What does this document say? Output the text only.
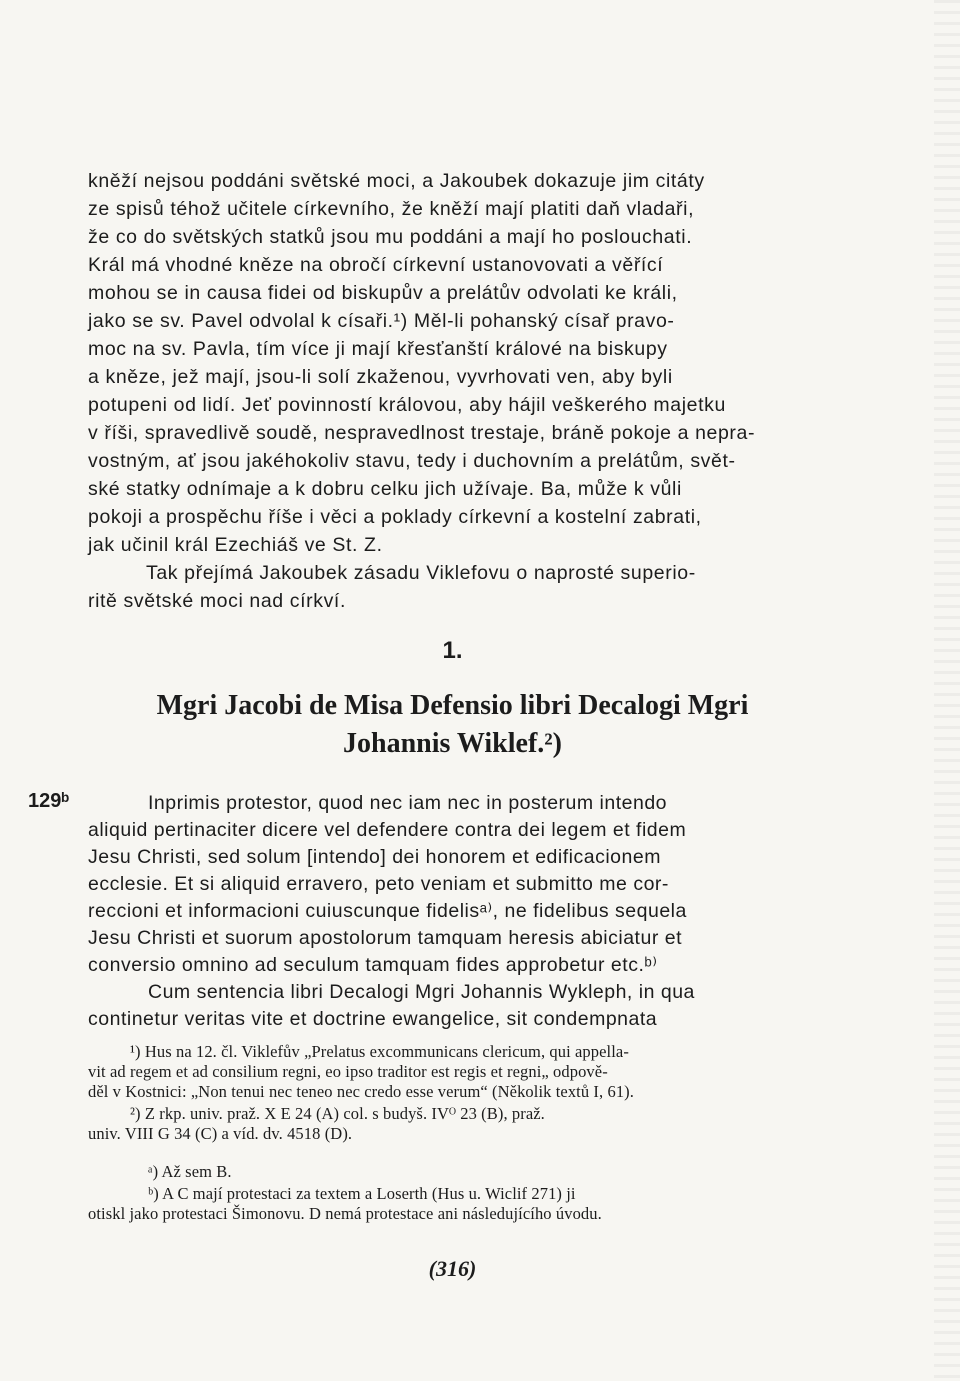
kněží nejsou poddáni světské moci, a Jakoubek dokazuje jim citáty
ze spisů téhož učitele církevního, že kněží mají platiti daň vladaři,
že co do světských statků jsou mu poddáni a mají ho poslouchati.
Král má vhodné kněze na obročí církevní ustanovovati a věřící
mohou se in causa fidei od biskupův a prelátův odvolati ke králi,
jako se sv. Pavel odvolal k císaři.¹) Měl-li pohanský císař pravo-
moc na sv. Pavla, tím více ji mají křesťanští králové na biskupy
a kněze, jež mají, jsou-li solí zkaženou, vyvrhovati ven, aby byli
potupeni od lidí. Jeť povinností královou, aby hájil veškerého majetku
v říši, spravedlivě soudě, nespravedlnost trestaje, bráně pokoje a nepra-
vostným, ať jsou jakéhokoliv stavu, tedy i duchovním a prelátům, svět-
ské statky odnímaje a k dobru celku jich užívaje. Ba, může k vůli
pokoji a prospěchu říše i věci a poklady církevní a kostelní zabrati,
jak učinil král Ezechiáš ve St. Z.
Tak přejímá Jakoubek zásadu Viklefovu o naprosté superio-
ritě světské moci nad církví.
1.
Mgri Jacobi de Misa Defensio libri Decalogi Mgri
Johannis Wiklef.²)
129ᵇ	Inprimis protestor, quod nec iam nec in posterum intendo
aliquid pertinaciter dicere vel defendere contra dei legem et fidem
Jesu Christi, sed solum [intendo] dei honorem et edificacionem
ecclesie. Et si aliquid erravero, peto veniam et submitto me cor-
reccioni et informacioni cuiuscunque fidelisᵃ⁾, ne fidelibus sequela
Jesu Christi et suorum apostolorum tamquam heresis abiciatur et
conversio omnino ad seculum tamquam fides approbetur etc.ᵇ⁾
Cum sentencia libri Decalogi Mgri Johannis Wykleph, in qua
continetur veritas vite et doctrine ewangelice, sit condempnata
¹) Hus na 12. čl. Viklefův „Prelatus excommunicans clericum, qui appella-
vit ad regem et ad consilium regni, eo ipso traditor est regis et regni„ odpově-
děl v Kostnici: „Non tenui nec teneo nec credo esse verum“ (Několik textů I, 61).
²) Z rkp. univ. praž. X E 24 (A) col. s budyš. IVᴼ 23 (B), praž.
univ. VIII G 34 (C) a víd. dv. 4518 (D).
ᵃ) Až sem B.
ᵇ) A C mají protestaci za textem a Loserth (Hus u. Wiclif 271) ji
otiskl jako protestaci Šimonovu. D nemá protestace ani následujícího úvodu.
(316)
